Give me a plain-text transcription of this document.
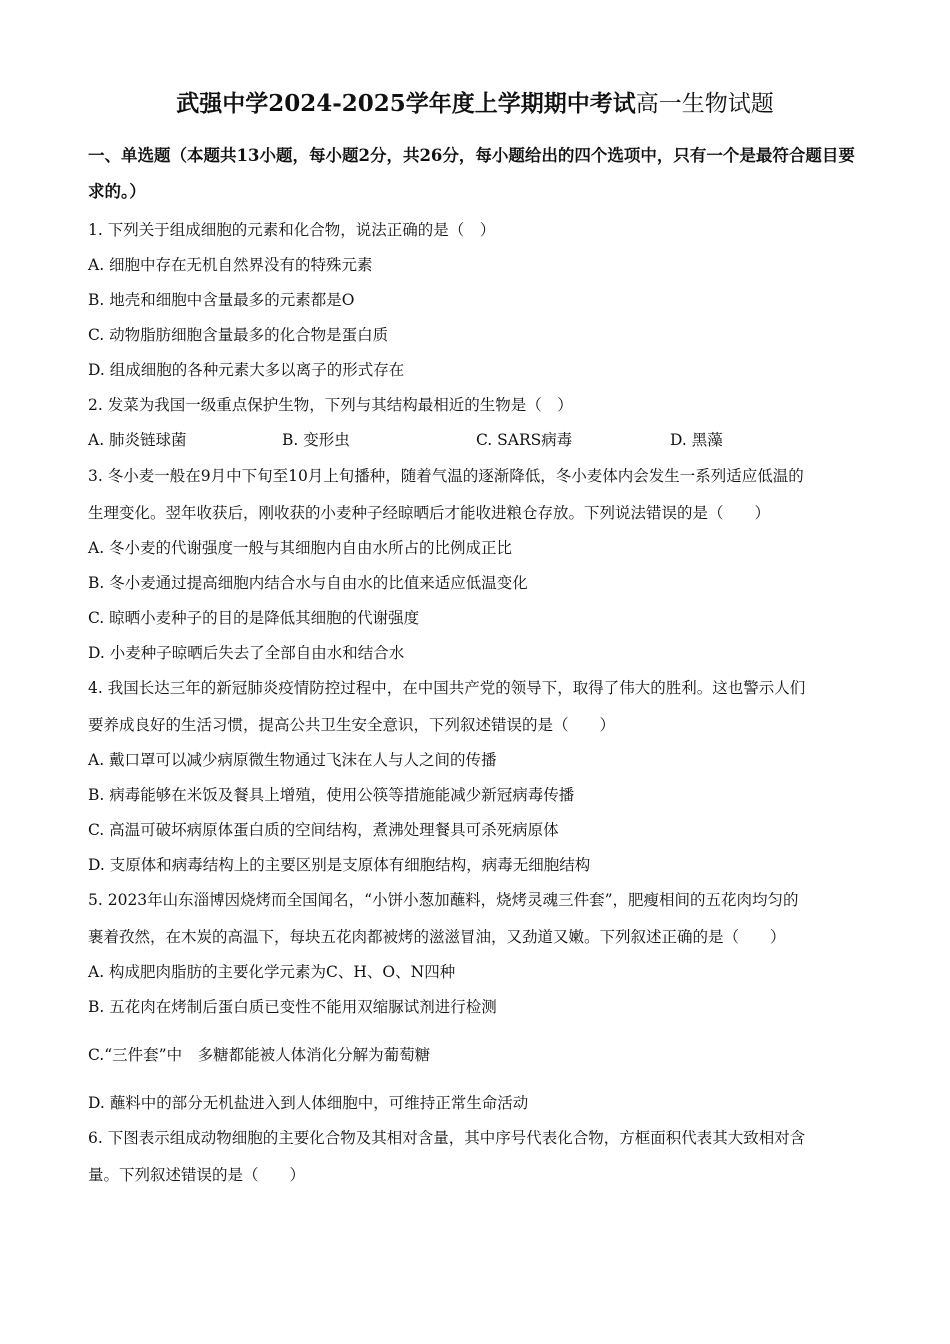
武强中学2024-2025学年度上学期期中考试高一生物试题
一、单选题（本题共13小题，每小题2分，共26分，每小题给出的四个选项中，只有一个是最符合题目要求的。）
1. 下列关于组成细胞的元素和化合物，说法正确的是（　）
A. 细胞中存在无机自然界没有的特殊元素
B. 地壳和细胞中含量最多的元素都是O
C. 动物脂肪细胞含量最多的化合物是蛋白质
D. 组成细胞的各种元素大多以离子的形式存在
2. 发菜为我国一级重点保护生物，下列与其结构最相近的生物是（　）
A. 肺炎链球菌	B. 变形虫	C. SARS病毒	D. 黑藻
3. 冬小麦一般在9月中下旬至10月上旬播种，随着气温的逐渐降低，冬小麦体内会发生一系列适应低温的
生理变化。翌年收获后，刚收获的小麦种子经晾晒后才能收进粮仓存放。下列说法错误的是（　　）
A. 冬小麦的代谢强度一般与其细胞内自由水所占的比例成正比
B. 冬小麦通过提高细胞内结合水与自由水的比值来适应低温变化
C. 晾晒小麦种子的目的是降低其细胞的代谢强度
D. 小麦种子晾晒后失去了全部自由水和结合水
4. 我国长达三年的新冠肺炎疫情防控过程中，在中国共产党的领导下，取得了伟大的胜利。这也警示人们
要养成良好的生活习惯，提高公共卫生安全意识，下列叙述错误的是（　　）
A. 戴口罩可以减少病原微生物通过飞沫在人与人之间的传播
B. 病毒能够在米饭及餐具上增殖，使用公筷等措施能减少新冠病毒传播
C. 高温可破坏病原体蛋白质的空间结构，煮沸处理餐具可杀死病原体
D. 支原体和病毒结构上的主要区别是支原体有细胞结构，病毒无细胞结构
5. 2023年山东淄博因烧烤而全国闻名，“小饼小葱加蘸料，烧烤灵魂三件套”，肥瘦相间的五花肉均匀的
裹着孜然，在木炭的高温下，每块五花肉都被烤的滋滋冒油，又劲道又嫩。下列叙述正确的是（　　）
A. 构成肥肉脂肪的主要化学元素为C、H、O、N四种
B. 五花肉在烤制后蛋白质已变性不能用双缩脲试剂进行检测
C.“三件套”中　多糖都能被人体消化分解为葡萄糖
D. 蘸料中的部分无机盐进入到人体细胞中，可维持正常生命活动
6. 下图表示组成动物细胞的主要化合物及其相对含量，其中序号代表化合物，方框面积代表其大致相对含
量。下列叙述错误的是（　　）
